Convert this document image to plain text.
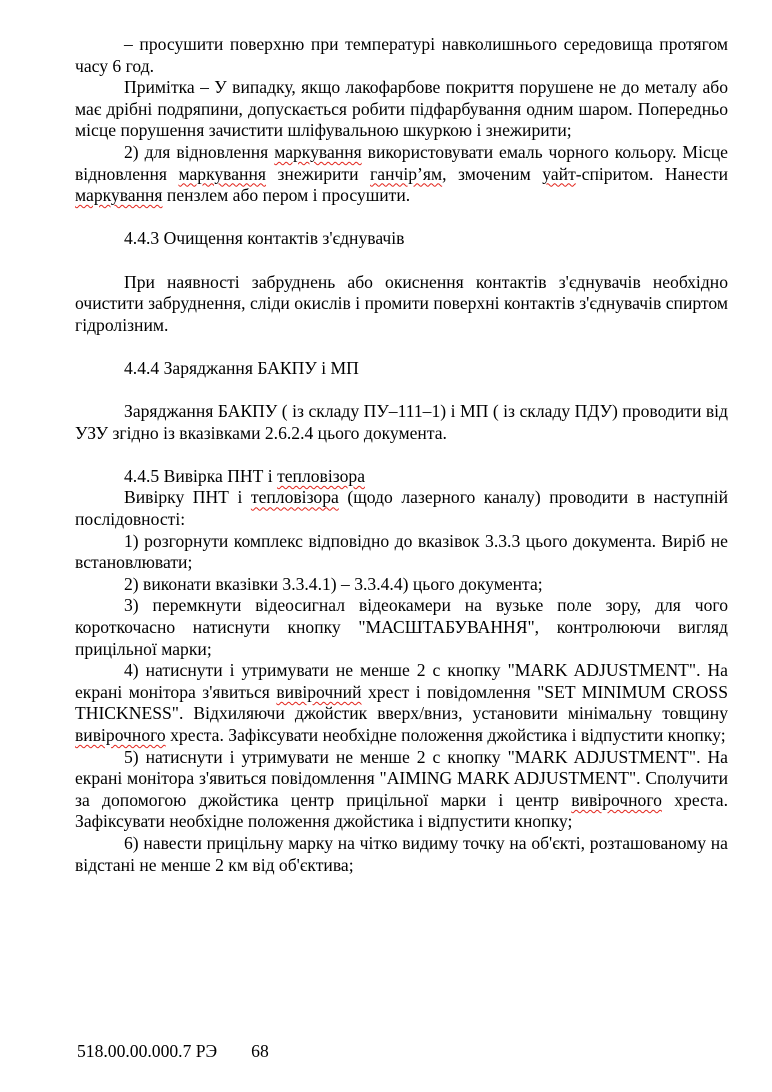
– просушити поверхню при температурі навколишнього середовища протягом часу 6 год.

Примітка – У випадку, якщо лакофарбове покриття порушене не до металу або має дрібні подряпини, допускається робити підфарбування одним шаром. Попередньо місце порушення зачистити шліфувальною шкуркою і знежирити;

2) для відновлення маркування використовувати емаль чорного кольору. Місце відновлення маркування знежирити ганчір’ям, змоченим уайт-спіритом. Нанести маркування пензлем або пером і просушити.

4.4.3 Очищення контактів з'єднувачів

При наявності забруднень або окиснення контактів з'єднувачів необхідно очистити забруднення, сліди окислів і промити поверхні контактів з'єднувачів спиртом гідролізним.

4.4.4 Заряджання БАКПУ і МП

Заряджання БАКПУ ( із складу ПУ–111–1) і МП ( із складу ПДУ) проводити від УЗУ згідно із вказівками 2.6.2.4 цього документа.

4.4.5 Вивірка ПНТ і тепловізора

Вивірку ПНТ і тепловізора (щодо лазерного каналу) проводити в наступній послідовності:

1) розгорнути комплекс відповідно до вказівок 3.3.3 цього документа. Виріб не встановлювати;

2) виконати вказівки 3.3.4.1) – 3.3.4.4) цього документа;

3) перемкнути відеосигнал відеокамери на вузьке поле зору, для чого короткочасно натиснути кнопку "МАСШТАБУВАННЯ", контролюючи вигляд прицільної марки;

4) натиснути і утримувати не менше 2 с кнопку "MARK ADJUSTMENT". На екрані монітора з'явиться вивірочний хрест і повідомлення "SET MINIMUM CROSS THICKNESS". Відхиляючи джойстик вверх/вниз, установити мінімальну товщину вивірочного хреста. Зафіксувати необхідне положення джойстика і відпустити кнопку;

5) натиснути і утримувати не менше 2 с кнопку "MARK ADJUSTMENT". На екрані монітора з'явиться повідомлення "AIMING MARK ADJUSTMENT". Сполучити за допомогою джойстика центр прицільної марки і центр вивірочного хреста. Зафіксувати необхідне положення джойстика і відпустити кнопку;

6) навести прицільну марку на чітко видиму точку на об'єкті, розташованому на відстані не менше 2 км від об'єктива;

518.00.00.000.7 РЭ 68
